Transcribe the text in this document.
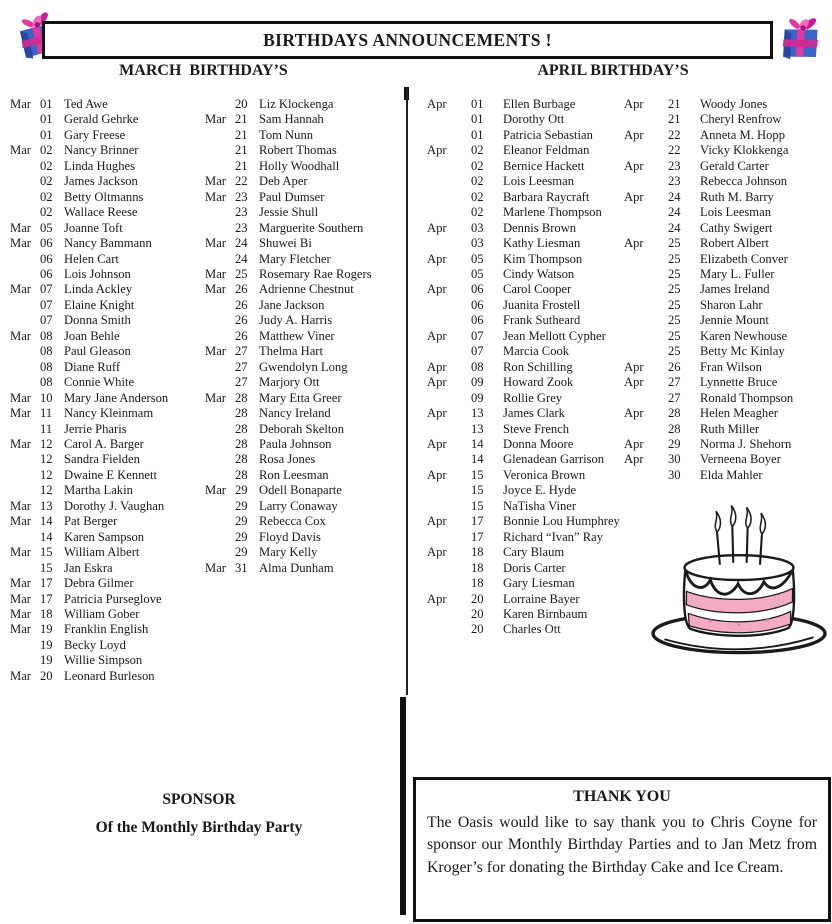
BIRTHDAYS ANNOUNCEMENTS !
MARCH  BIRTHDAY’S	APRIL BIRTHDAY’S
Mar 01 Ted Awe
01 Gerald Gehrke
01 Gary Freese
Mar 02 Nancy Brinner
02 Linda Hughes
02 James Jackson
02 Betty Oltmanns
02 Wallace Reese
Mar 05 Joanne Toft
Mar 06 Nancy Bammann
06 Helen Cart
06 Lois Johnson
Mar 07 Linda Ackley
07 Elaine Knight
07 Donna Smith
Mar 08 Joan Behle
08 Paul Gleason
08 Diane Ruff
08 Connie White
Mar 10 Mary Jane Anderson
Mar 11 Nancy Kleinmam
11 Jerrie Pharis
Mar 12 Carol A. Barger
12 Sandra Fielden
12 Dwaine E Kennett
12 Martha Lakin
Mar 13 Dorothy J. Vaughan
Mar 14 Pat Berger
14 Karen Sampson
Mar 15 William Albert
15 Jan Eskra
Mar 17 Debra Gilmer
Mar 17 Patricia Purseglove
Mar 18 William Gober
Mar 19 Franklin English
19 Becky Loyd
19 Willie Simpson
Mar 20 Leonard Burleson
20 Liz Klockenga
Mar 21 Sam Hannah
21 Tom Nunn
21 Robert Thomas
21 Holly Woodhall
Mar 22 Deb Aper
Mar 23 Paul Dumser
23 Jessie Shull
23 Marguerite Southern
Mar 24 Shuwei Bi
24 Mary Fletcher
Mar 25 Rosemary Rae Rogers
Mar 26 Adrienne Chestnut
26 Jane Jackson
26 Judy A. Harris
26 Matthew Viner
Mar 27 Thelma Hart
27 Gwendolyn Long
27 Marjory Ott
Mar 28 Mary Etta Greer
28 Nancy Ireland
28 Deborah Skelton
28 Paula Johnson
28 Rosa Jones
28 Ron Leesman
Mar 29 Odell Bonaparte
29 Larry Conaway
29 Rebecca Cox
29 Floyd Davis
29 Mary Kelly
Mar 31 Alma Dunham
Apr	01	Ellen Burbage
01	Dorothy Ott
01	Patricia Sebastian
Apr	02	Eleanor Feldman
02	Bernice Hackett
02	Lois Leesman
02	Barbara Raycraft
02	Marlene Thompson
Apr	03	Dennis Brown
03	Kathy Liesman
Apr	05	Kim Thompson
05	Cindy Watson
Apr	06	Carol Cooper
06	Juanita Frostell
06	Frank Sutheard
Apr	07	Jean Mellott Cypher
07	Marcia Cook
Apr	08	Ron Schilling
Apr	09	Howard Zook
09	Rollie Grey
Apr	13	James Clark
13	Steve French
Apr	14	Donna Moore
14	Glenadean Garrison
Apr	15	Veronica Brown
15	Joyce E. Hyde
15	NaTisha Viner
Apr	17	Bonnie Lou Humphrey
17	Richard “Ivan” Ray
Apr	18	Cary Blaum
18	Doris Carter
18	Gary Liesman
Apr	20	Lorraine Bayer
20	Karen Birnbaum
20	Charles Ott
Apr	21	Woody Jones
21	Cheryl Renfrow
Apr	22	Anneta M. Hopp
22	Vicky Klokkenga
Apr	23	Gerald Carter
23	Rebecca Johnson
Apr	24	Ruth M. Barry
24	Lois Leesman
24	Cathy Swigert
Apr	25	Robert Albert
25	Elizabeth Conver
25	Mary L. Fuller
25	James Ireland
25	Sharon Lahr
25	Jennie Mount
25	Karen Newhouse
25	Betty Mc Kinlay
Apr	26	Fran Wilson
Apr	27	Lynnette Bruce
27	Ronald Thompson
Apr	28	Helen Meagher
28	Ruth Miller
Apr	29	Norma J. Shehorn
Apr	30	Verneena Boyer
30	Elda Mahler
SPONSOR
Of the Monthly Birthday Party
THANK YOU

The Oasis would like to say thank you to Chris Coyne for sponsor our Monthly Birthday Parties and to Jan Metz from Kroger’s for donating the Birthday Cake and Ice Cream.
